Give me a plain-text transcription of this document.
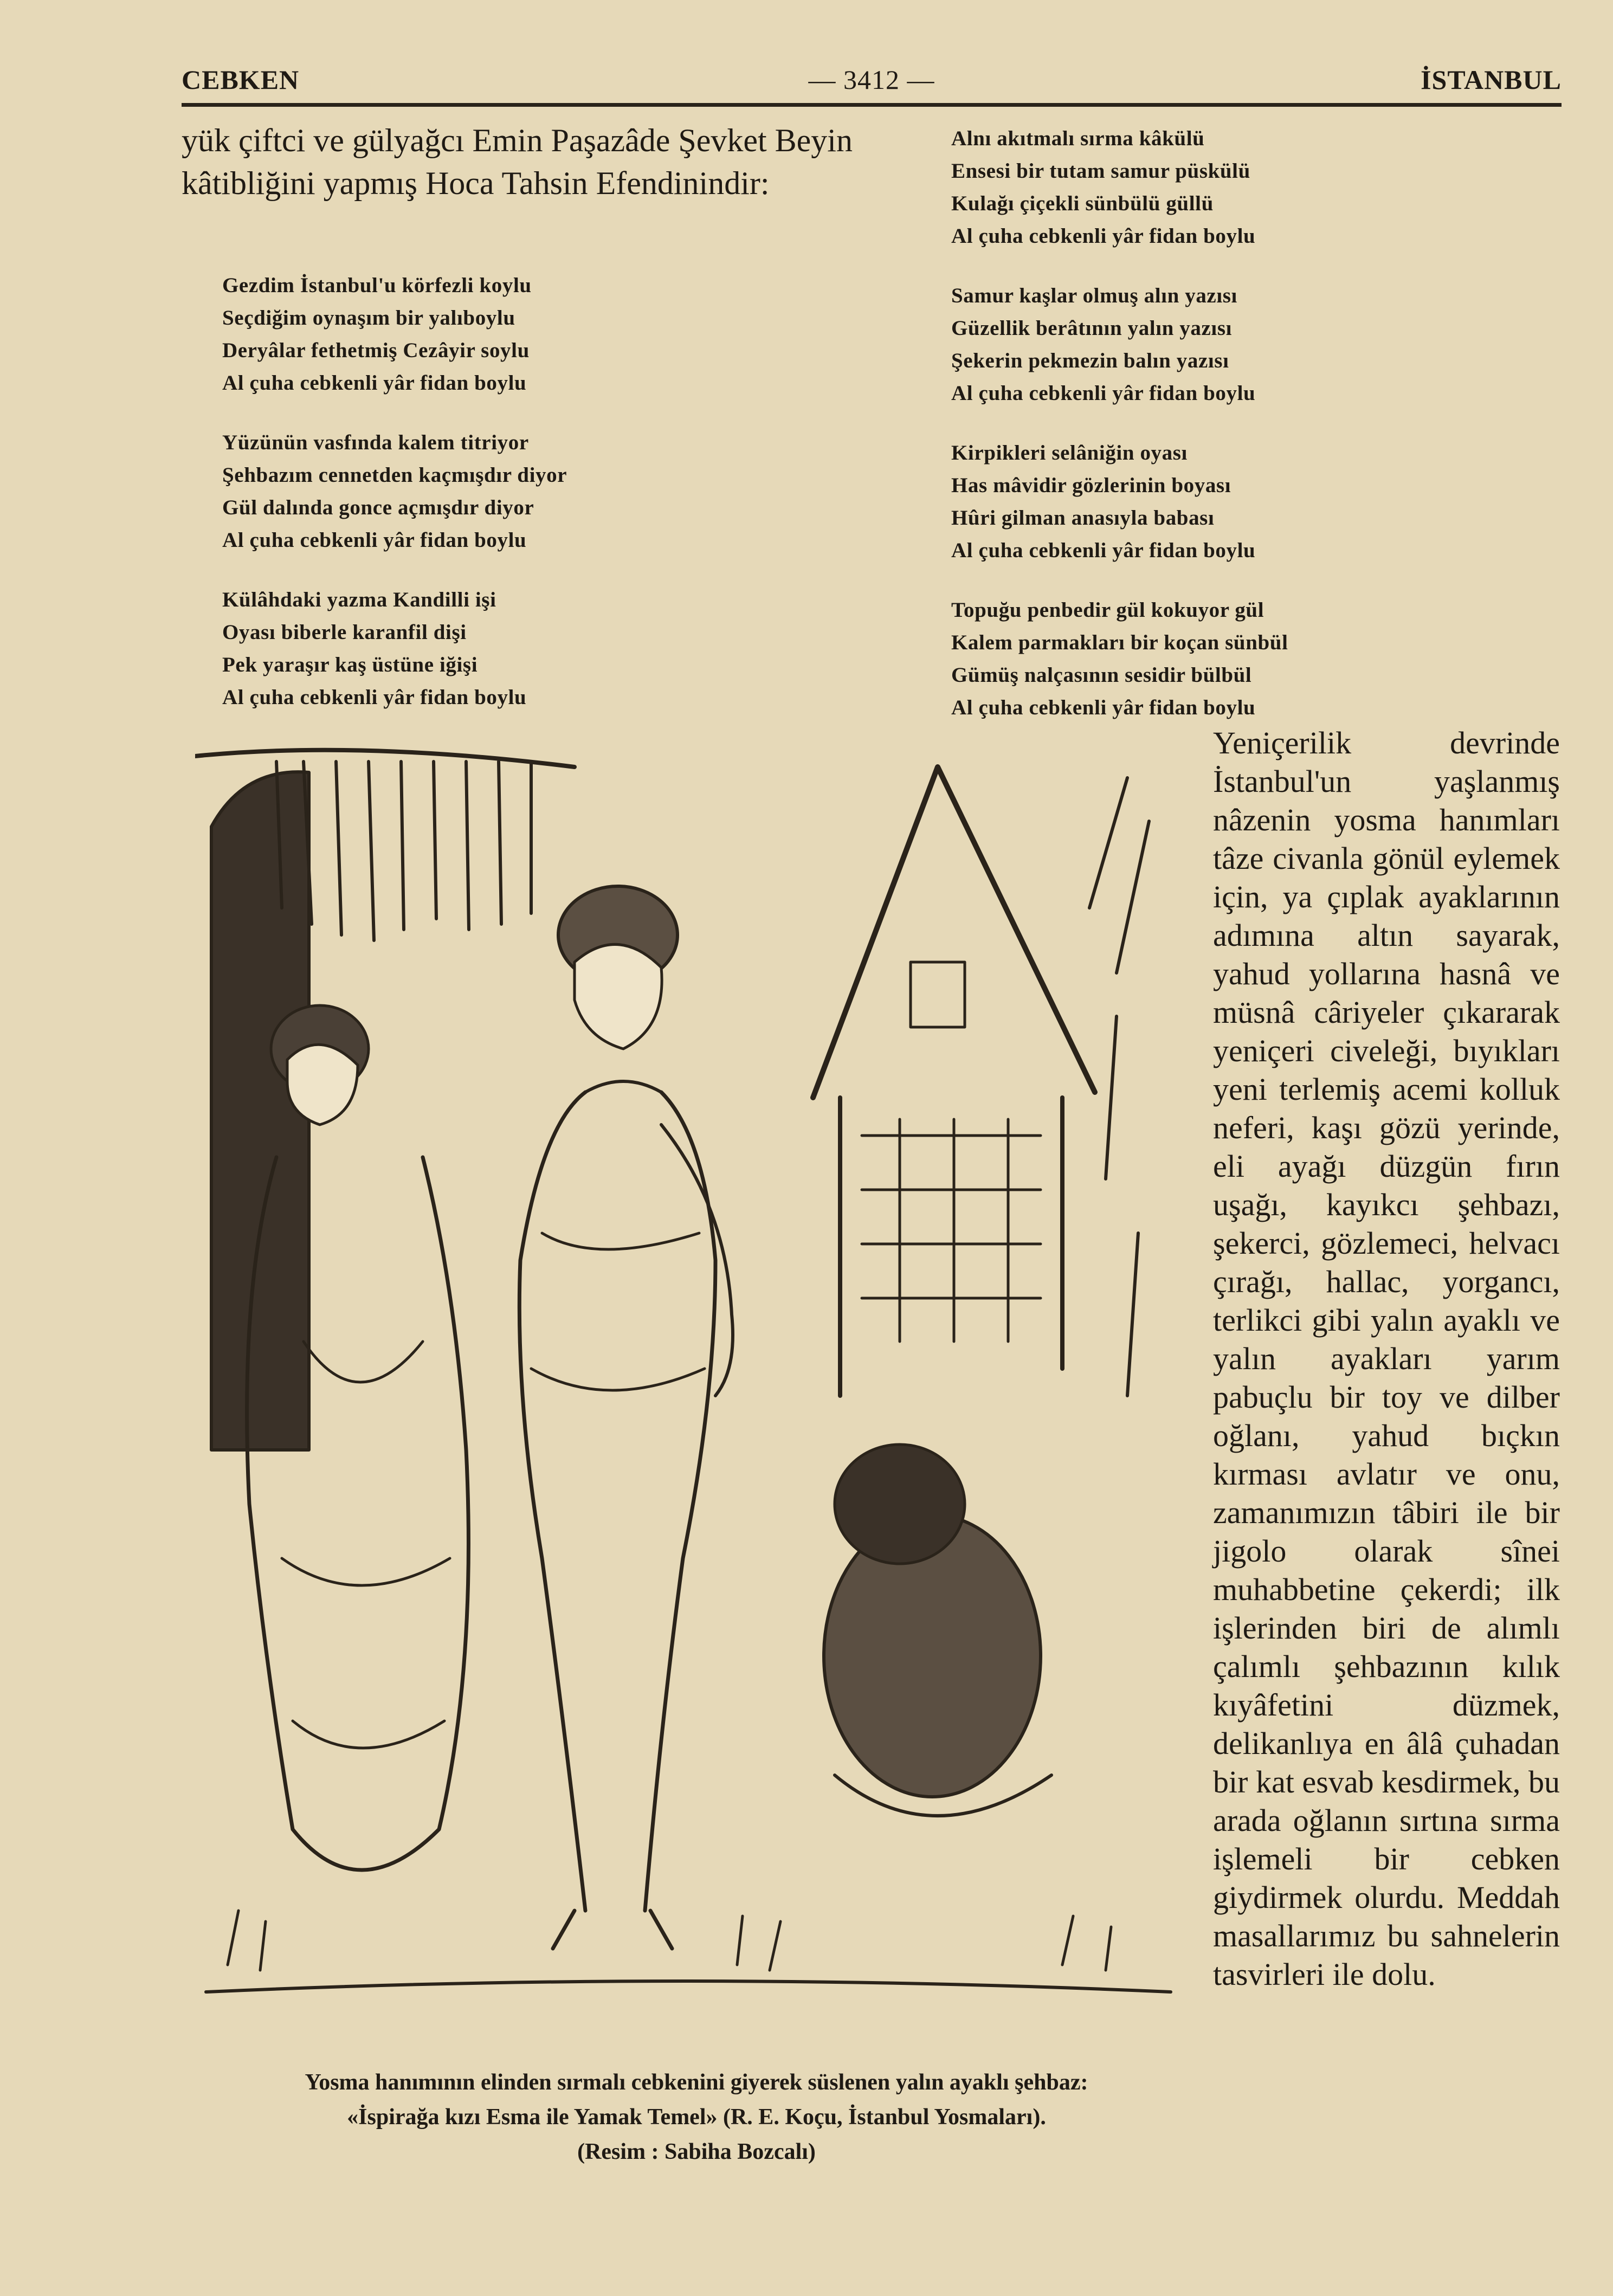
CEBKEN	— 3412 —	İSTANBUL
yük çiftci ve gülyağcı Emin Paşazâde Şevket Beyin kâtibliğini yapmış Hoca Tahsin Efendinindir:
Gezdim İstanbul'u körfezli koylu
Seçdiğim oynaşım bir yalıboylu
Deryâlar fethetmiş Cezâyir soylu
Al çuha cebkenli yâr fidan boylu
Yüzünün vasfında kalem titriyor
Şehbazım cennetden kaçmışdır diyor
Gül dalında gonce açmışdır diyor
Al çuha cebkenli yâr fidan boylu
Külâhdaki yazma Kandilli işi
Oyası biberle karanfil dişi
Pek yaraşır kaş üstüne iğişi
Al çuha cebkenli yâr fidan boylu
Alnı akıtmalı sırma kâkülü
Ensesi bir tutam samur püskülü
Kulağı çiçekli sünbülü güllü
Al çuha cebkenli yâr fidan boylu
Samur kaşlar olmuş alın yazısı
Güzellik berâtının yalın yazısı
Şekerin pekmezin balın yazısı
Al çuha cebkenli yâr fidan boylu
Kirpikleri selâniğin oyası
Has mâvidir gözlerinin boyası
Hûri gilman anasıyla babası
Al çuha cebkenli yâr fidan boylu
Topuğu penbedir gül kokuyor gül
Kalem parmakları bir koçan sünbül
Gümüş nalçasının sesidir bülbül
Al çuha cebkenli yâr fidan boylu
Yosma hanımının elinden sırmalı cebkenini giyerek süslenen yalın ayaklı şehbaz:
«İspirağa kızı Esma ile Yamak Temel» (R. E. Koçu, İstanbul Yosmaları).
(Resim : Sabiha Bozcalı)
Yeniçerilik devrinde İstanbul'un yaşlanmış nâzenin yosma hanımları tâze civanla gönül eylemek için, ya çıplak ayaklarının adımına altın sayarak, yahud yollarına hasnâ ve müsnâ câriyeler çıkararak yeniçeri civeleği, bıyıkları yeni terlemiş acemi kolluk neferi, kaşı gözü yerinde, eli ayağı düzgün fırın uşağı, kayıkcı şehbazı, şekerci, gözlemeci, helvacı çırağı, hallac, yorgancı, terlikci gibi yalın ayaklı ve yalın ayakları yarım pabuçlu bir toy ve dilber oğlanı, yahud bıçkın kırması avlatır ve onu, zamanımızın tâbiri ile bir jigolo olarak sînei muhabbetine çekerdi; ilk işlerinden biri de alımlı çalımlı şehbazının kılık kıyâfetini düzmek, delikanlıya en âlâ çuhadan bir kat esvab kesdirmek, bu arada oğlanın sırtına sırma işlemeli bir cebken giydirmek olurdu. Meddah masallarımız bu sahnelerin tasvirleri ile dolu.
